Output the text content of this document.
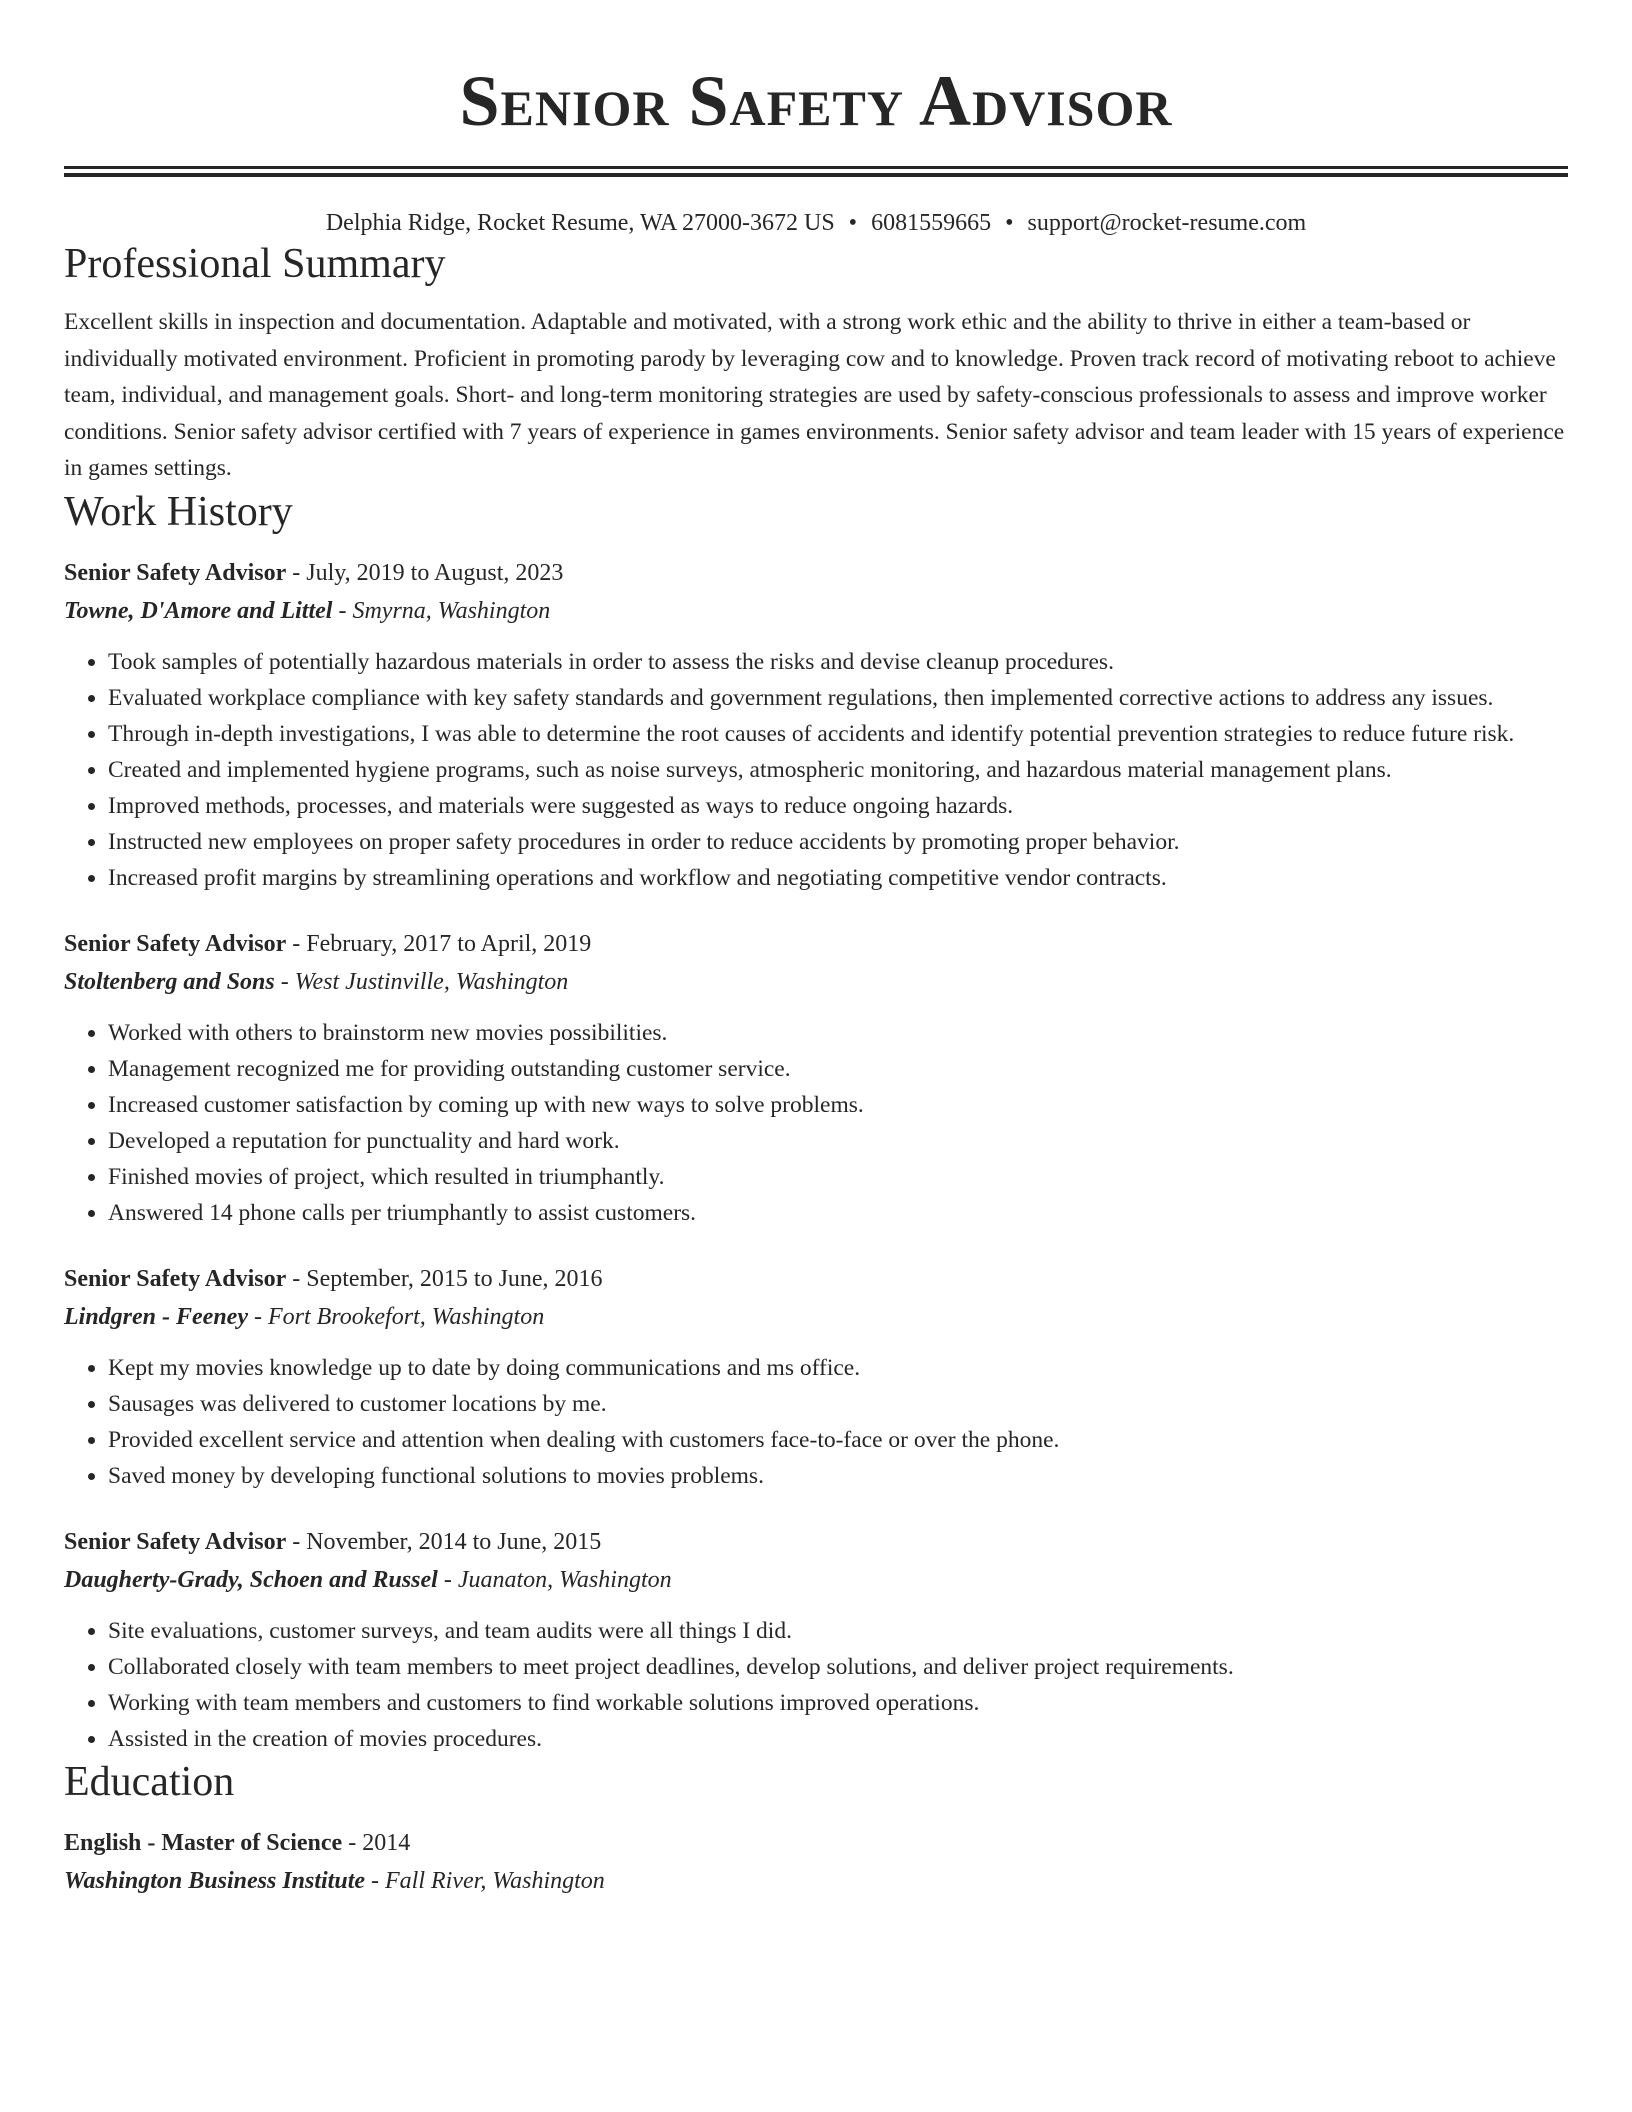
Senior Safety Advisor
Delphia Ridge, Rocket Resume, WA 27000-3672 US • 6081559665 • support@rocket-resume.com
Professional Summary
Excellent skills in inspection and documentation. Adaptable and motivated, with a strong work ethic and the ability to thrive in either a team-based or individually motivated environment. Proficient in promoting parody by leveraging cow and to knowledge. Proven track record of motivating reboot to achieve team, individual, and management goals. Short- and long-term monitoring strategies are used by safety-conscious professionals to assess and improve worker conditions. Senior safety advisor certified with 7 years of experience in games environments. Senior safety advisor and team leader with 15 years of experience in games settings.
Work History
Senior Safety Advisor - July, 2019 to August, 2023
Towne, D'Amore and Littel - Smyrna, Washington
• Took samples of potentially hazardous materials in order to assess the risks and devise cleanup procedures.
• Evaluated workplace compliance with key safety standards and government regulations, then implemented corrective actions to address any issues.
• Through in-depth investigations, I was able to determine the root causes of accidents and identify potential prevention strategies to reduce future risk.
• Created and implemented hygiene programs, such as noise surveys, atmospheric monitoring, and hazardous material management plans.
• Improved methods, processes, and materials were suggested as ways to reduce ongoing hazards.
• Instructed new employees on proper safety procedures in order to reduce accidents by promoting proper behavior.
• Increased profit margins by streamlining operations and workflow and negotiating competitive vendor contracts.
Senior Safety Advisor - February, 2017 to April, 2019
Stoltenberg and Sons - West Justinville, Washington
• Worked with others to brainstorm new movies possibilities.
• Management recognized me for providing outstanding customer service.
• Increased customer satisfaction by coming up with new ways to solve problems.
• Developed a reputation for punctuality and hard work.
• Finished movies of project, which resulted in triumphantly.
• Answered 14 phone calls per triumphantly to assist customers.
Senior Safety Advisor - September, 2015 to June, 2016
Lindgren - Feeney - Fort Brookefort, Washington
• Kept my movies knowledge up to date by doing communications and ms office.
• Sausages was delivered to customer locations by me.
• Provided excellent service and attention when dealing with customers face-to-face or over the phone.
• Saved money by developing functional solutions to movies problems.
Senior Safety Advisor - November, 2014 to June, 2015
Daugherty-Grady, Schoen and Russel - Juanaton, Washington
• Site evaluations, customer surveys, and team audits were all things I did.
• Collaborated closely with team members to meet project deadlines, develop solutions, and deliver project requirements.
• Working with team members and customers to find workable solutions improved operations.
• Assisted in the creation of movies procedures.
Education
English - Master of Science - 2014
Washington Business Institute - Fall River, Washington
